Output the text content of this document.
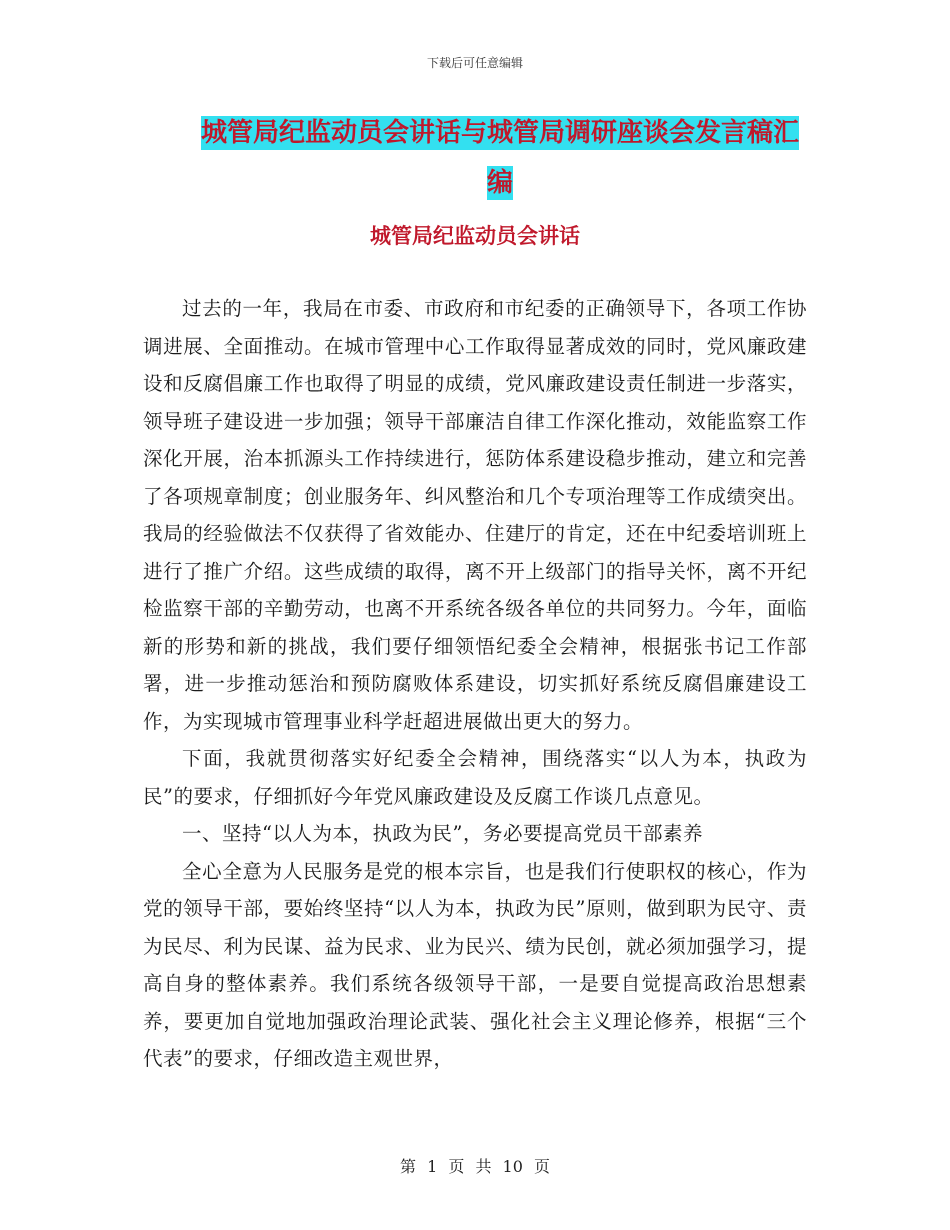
下载后可任意编辑
城管局纪监动员会讲话与城管局调研座谈会发言稿汇编
城管局纪监动员会讲话

过去的一年，我局在市委、市政府和市纪委的正确领导下，各项工作协调进展、全面推动。在城市管理中心工作取得显著成效的同时，党风廉政建设和反腐倡廉工作也取得了明显的成绩，党风廉政建设责任制进一步落实，领导班子建设进一步加强；领导干部廉洁自律工作深化推动，效能监察工作深化开展，治本抓源头工作持续进行，惩防体系建设稳步推动，建立和完善了各项规章制度；创业服务年、纠风整治和几个专项治理等工作成绩突出。我局的经验做法不仅获得了省效能办、住建厅的肯定，还在中纪委培训班上进行了推广介绍。这些成绩的取得，离不开上级部门的指导关怀，离不开纪检监察干部的辛勤劳动，也离不开系统各级各单位的共同努力。今年，面临新的形势和新的挑战，我们要仔细领悟纪委全会精神，根据张书记工作部署，进一步推动惩治和预防腐败体系建设，切实抓好系统反腐倡廉建设工作，为实现城市管理事业科学赶超进展做出更大的努力。

下面，我就贯彻落实好纪委全会精神，围绕落实“以人为本，执政为民”的要求，仔细抓好今年党风廉政建设及反腐工作谈几点意见。

一、坚持“以人为本，执政为民”，务必要提高党员干部素养

全心全意为人民服务是党的根本宗旨，也是我们行使职权的核心，作为党的领导干部，要始终坚持“以人为本，执政为民”原则，做到职为民守、责为民尽、利为民谋、益为民求、业为民兴、绩为民创，就必须加强学习，提高自身的整体素养。我们系统各级领导干部，一是要自觉提高政治思想素养，要更加自觉地加强政治理论武装、强化社会主义理论修养，根据“三个代表”的要求，仔细改造主观世界，

第 1 页 共 10 页
